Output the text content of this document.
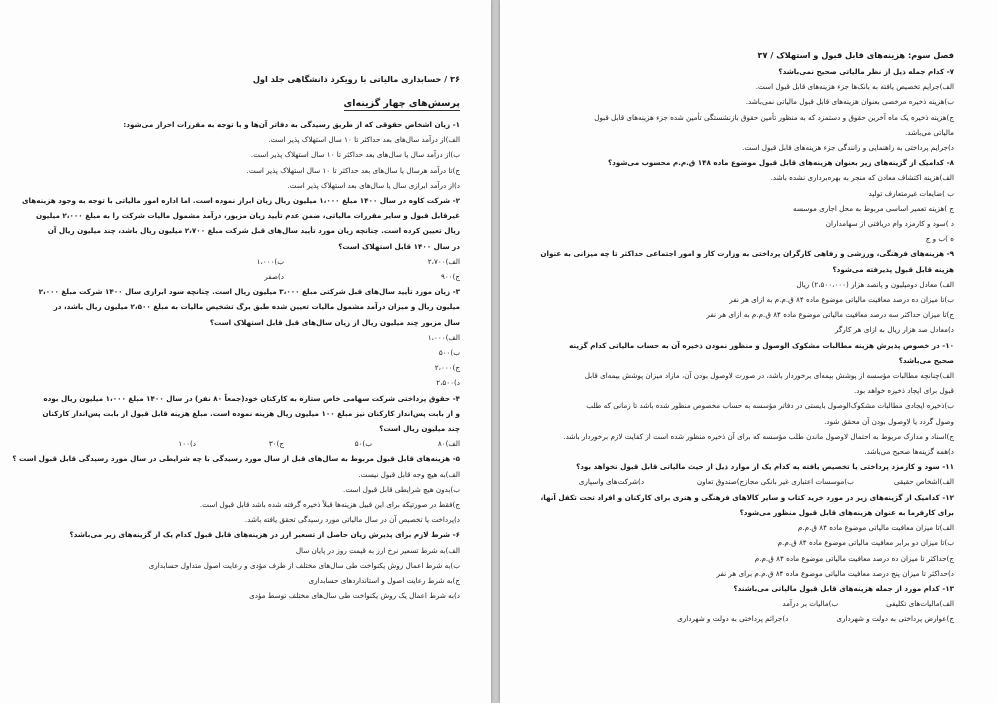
۳۶ / حسابداری مالیاتی با رویکرد دانشگاهی جلد اول
پرسش‌های چهار گزینه‌ای
۱- زیان اشخاص حقوقی که از طریق رسیدگی به دفاتر آن‌ها و با توجه به مقررات احراز می‌شود:
الف)از درآمد سال‌های بعد حداکثر تا ۱۰ سال استهلاک پذیر است.
ب)از درآمد سال یا سال‌های بعد حداکثر تا ۱۰ سال استهلاک پذیر است.
ج)تا درآمد هرسال یا سال‌های بعد حداکثر تا ۱۰ سال استهلاک پذیر است.
د)از درآمد ابرازی سال یا سال‌های بعد استهلاک پذیر است.
۲- شرکت کاوه در سال ۱۴۰۰ مبلغ ۱،۰۰۰ میلیون ریال زیان ابراز نموده است. اما اداره امور مالیاتی با توجه به وجود هزینه‌های
غیرقابل قبول و سایر مقررات مالیاتی، ضمن عدم تأیید زیان مزبور، درآمد مشمول مالیات شرکت را به مبلغ ۲،۰۰۰ میلیون
ریال تعیین کرده است. چنانچه زیان مورد تأیید سال‌های قبل شرکت مبلغ ۲،۷۰۰ میلیون ریال باشد، چند میلیون ریال آن
در سال ۱۴۰۰ قابل استهلاک است؟
الف)۲،۷۰۰
ب)۱،۰۰۰
ج)۹۰۰
د)صفر
۳- زیان مورد تأیید سال‌های قبل شرکتی مبلغ ۳،۰۰۰ میلیون ریال است. چنانچه سود ابرازی سال ۱۴۰۰ شرکت مبلغ ۲،۰۰۰
میلیون ریال و میزان درآمد مشمول مالیات تعیین شده طبق برگ تشخیص مالیات به مبلغ ۲،۵۰۰ میلیون ریال باشد، در
سال مزبور چند میلیون ریال از زیان سال‌های قبل قابل استهلاک است؟
الف)۱،۰۰۰
ب)۵۰۰
ج)۲،۰۰۰
د)۲،۵۰۰
۴- حقوق پرداختی شرکت سهامی خاص ستاره به کارکنان خود(جمعاً ۸۰ نفر) در سال ۱۴۰۰ مبلغ ۱،۰۰۰ میلیون ریال بوده
و از بابت پس‌انداز کارکنان نیز مبلغ ۱۰۰ میلیون ریال هزینه نموده است. مبلغ هزینه قابل قبول از بابت پس‌انداز کارکنان
چند میلیون ریال است؟
الف)۸۰
ب)۵۰
ج)۳۰
د)۱۰۰
۵- هزینه‌های قابل قبول مربوط به سال‌های قبل از سال مورد رسیدگی با چه شرایطی در سال مورد رسیدگی قابل قبول است ؟
الف)به هیچ وجه قابل قبول نیست.
ب)بدون هیچ شرایطی قابل قبول است.
ج)فقط در صورتیکه برای این قبیل هزینه‌ها قبلاً ذخیره گرفته شده باشد قابل قبول است.
د)پرداخت یا تخصیص آن در سال مالیاتی مورد رسیدگی تحقق یافته باشد.
۶- شرط لازم برای پذیرش زیان حاصل از تسعیر ارز در هزینه‌های قابل قبول کدام یک از گزینه‌های زیر می‌باشد؟
الف)به شرط تسعیر نرخ ارز به قیمت روز در پایان سال
ب)به شرط اعمال روش یکنواخت طی سال‌های مختلف از طرف مؤدی و رعایت اصول متداول حسابداری
ج)به شرط رعایت اصول و استانداردهای حسابداری
د)به شرط اعمال یک روش یکنواخت طی سال‌های مختلف توسط مؤدی
فصل سوم: هزینه‌های قابل قبول و استهلاک / ۳۷
۷- کدام جمله ذیل از نظر مالیاتی صحیح نمی‌باشد؟
الف)جرایم تخصیص یافته به بانک‌ها جزء هزینه‌های قابل قبول است.
ب)هزینه ذخیره مرخصی بعنوان هزینه‌های قابل قبول مالیاتی نمی‌باشد.
ج)هزینه ذخیره یک ماه آخرین حقوق و دستمزد که به منظور تأمین حقوق بازنشستگی تأمین شده جزء هزینه‌های قابل قبول
مالیاتی می‌باشد.
د)جرایم پرداختی به راهنمایی و رانندگی جزء هزینه‌های قابل قبول است.
۸- کدامیک از گزینه‌های زیر بعنوان هزینه‌های قابل قبول موضوع ماده ۱۴۸ ق.م.م محسوب می‌شود؟
الف)هزینه اکتشاف معادن که منجر به بهره‌برداری نشده باشد.
ب )ضایعات غیرمتعارف تولید
ج )هزینه تعمیر اساسی مربوط به محل اجاری موسسه
د )سود و کارمزد وام دریافتی از سهامداران
ه )ب و ج
۹- هزینه‌های فرهنگی، ورزشی و رفاهی کارگران پرداختی به وزارت کار و امور اجتماعی حداکثر تا چه میزانی به عنوان
هزینه قابل قبول پذیرفته می‌شود؟
الف) معادل دومیلیون و پانصد هزار (۲،۵۰۰،۰۰۰) ریال
ب)تا میزان ده درصد معافیت مالیاتی موضوع ماده ۸۴ ق.م.م به ازای هر نفر
ج)تا میزان حداکثر سه درصد معافیت مالیاتی موضوع ماده ۸۴ ق.م.م به ازای هر نفر
د)معادل صد هزار ریال به ازای هر کارگر
۱۰- در خصوص پذیرش هزینه مطالبات مشکوک الوصول و منظور نمودن ذخیره آن به حساب مالیاتی کدام گزینه
صحیح می‌باشد؟
الف)چنانچه مطالبات مؤسسه از پوشش بیمه‌ای برخوردار باشد، در صورت لاوصول بودن آن، مازاد میزان پوشش بیمه‌ای قابل
قبول برای ایجاد ذخیره خواهد بود.
ب)ذخیره ایجادی مطالبات مشکوک‌الوصول بایستی در دفاتر مؤسسه به حساب مخصوص منظور شده باشد تا زمانی که طلب
وصول گردد یا لاوصول بودن آن محقق شود.
ج)اسناد و مدارک مربوط به احتمال لاوصول ماندن طلب مؤسسه که برای آن ذخیره منظور شده است از کفایت لازم برخوردار باشد.
د)همه گزینه‌ها صحیح می‌باشد.
۱۱- سود و کارمزد پرداختی یا تخصیص یافته به کدام یک از موارد ذیل از حیث مالیاتی قابل قبول نخواهد بود؟
الف)اشخاص حقیقی
ب)موسسات اعتباری غیر بانکی مجاز
ج)صندوق تعاون
د)شرکت‌های واسپاری
۱۲- کدامیک از گزینه‌های زیر در مورد خرید کتاب و سایر کالاهای فرهنگی و هنری برای کارکنان و افراد تحت تکفل آنها،
برای کارفرما به عنوان هزینه‌های قابل قبول منظور می‌شود؟
الف)تا میزان معافیت مالیاتی موضوع ماده ۸۴ ق.م.م
ب)تا میزان دو برابر معافیت مالیاتی موضوع ماده ۸۴ ق.م.م
ج)حداکثر تا میزان ده درصد معافیت مالیاتی موضوع ماده ۸۴ ق.م.م
د)حداکثر تا میزان پنج درصد معافیت مالیاتی موضوع ماده ۸۴ ق.م.م برای هر نفر
۱۳- کدام مورد از جمله هزینه‌های قابل قبول مالیاتی می‌باشند؟
الف)مالیات‌های تکلیفی
ب)مالیات بر درآمد
ج)عوارض پرداختی به دولت و شهرداری
د)جرائم پرداختی به دولت و شهرداری
